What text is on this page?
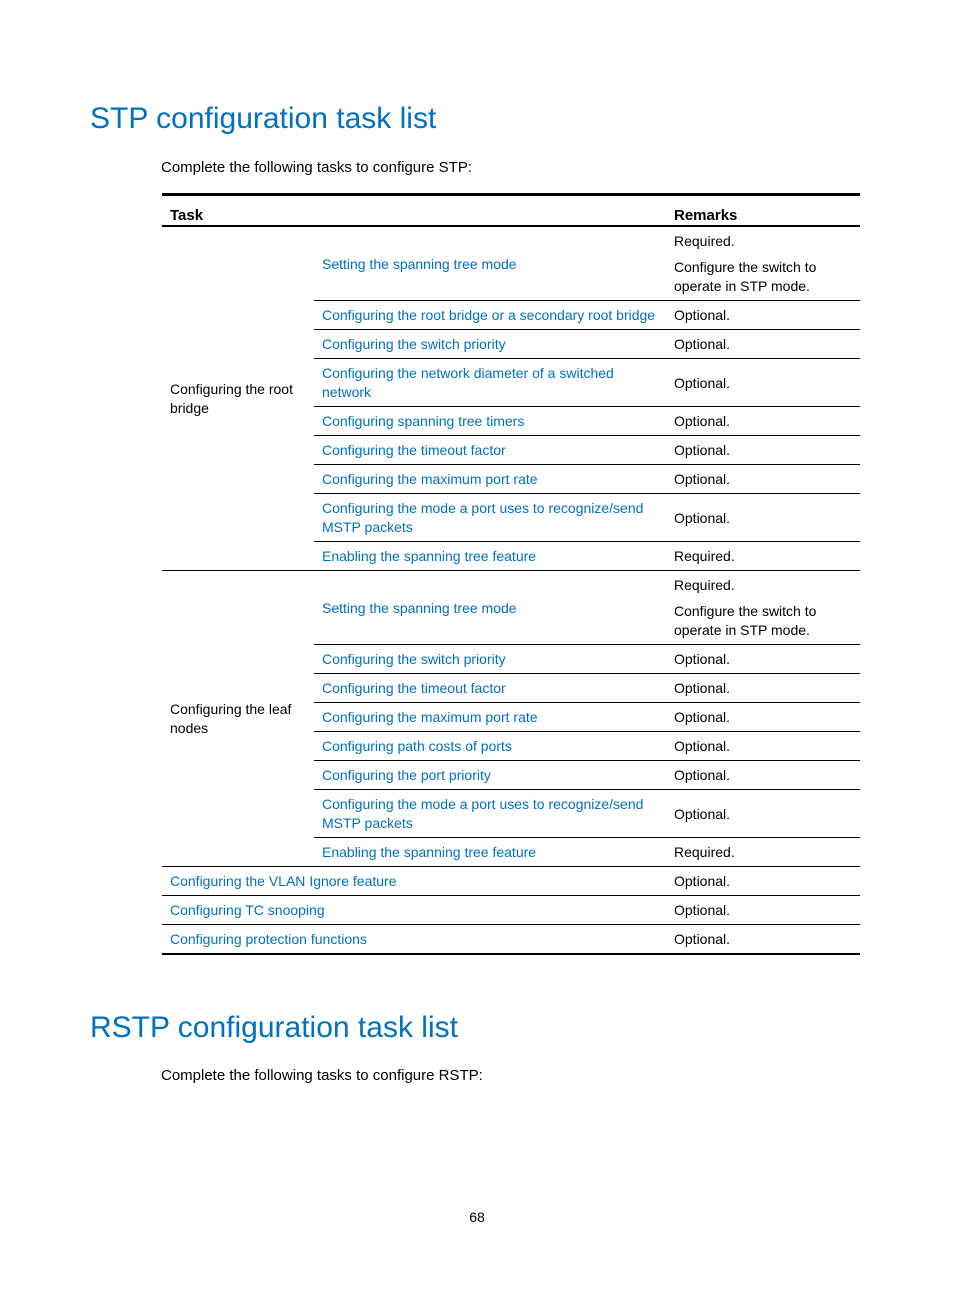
STP configuration task list

Complete the following tasks to configure STP:

Task		Remarks
Configuring the root bridge	Setting the spanning tree mode	Required.

Configure the switch to operate in STP mode.

	Configuring the root bridge or a secondary root bridge	Optional.

	Configuring the switch priority	Optional.

	Configuring the network diameter of a switched network	Optional.

	Configuring spanning tree timers	Optional.

	Configuring the timeout factor	Optional.

	Configuring the maximum port rate	Optional.

	Configuring the mode a port uses to recognize/send MSTP packets	Optional.

	Enabling the spanning tree feature	Required.

Configuring the leaf nodes	Setting the spanning tree mode	Required.

Configure the switch to operate in STP mode.

	Configuring the switch priority	Optional.

	Configuring the timeout factor	Optional.

	Configuring the maximum port rate	Optional.

	Configuring path costs of ports	Optional.

	Configuring the port priority	Optional.

	Configuring the mode a port uses to recognize/send MSTP packets	Optional.

	Enabling the spanning tree feature	Required.

Configuring the VLAN Ignore feature		Optional.
Configuring TC snooping		Optional.
Configuring protection functions		Optional.
RSTP configuration task list

Complete the following tasks to configure RSTP:

68
